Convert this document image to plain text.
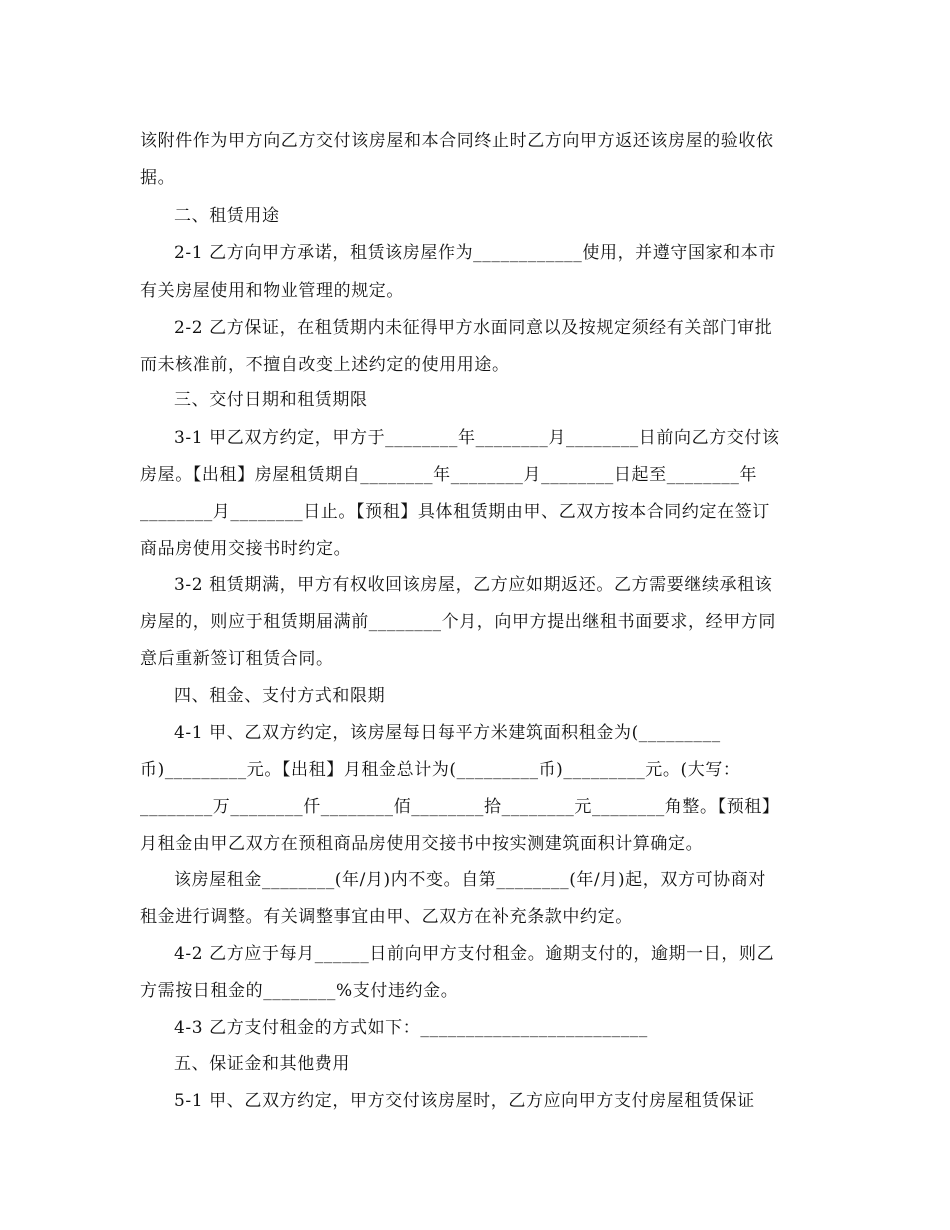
该附件作为甲方向乙方交付该房屋和本合同终止时乙方向甲方返还该房屋的验收依
据。
二、租赁用途
2-1 乙方向甲方承诺，租赁该房屋作为____________使用，并遵守国家和本市
有关房屋使用和物业管理的规定。
2-2 乙方保证，在租赁期内未征得甲方水面同意以及按规定须经有关部门审批
而未核准前，不擅自改变上述约定的使用用途。
三、交付日期和租赁期限
3-1 甲乙双方约定，甲方于________年________月________日前向乙方交付该
房屋。【出租】房屋租赁期自________年________月________日起至________年
________月________日止。【预租】具体租赁期由甲、乙双方按本合同约定在签订
商品房使用交接书时约定。
3-2 租赁期满，甲方有权收回该房屋，乙方应如期返还。乙方需要继续承租该
房屋的，则应于租赁期届满前________个月，向甲方提出继租书面要求，经甲方同
意后重新签订租赁合同。
四、租金、支付方式和限期
4-1 甲、乙双方约定，该房屋每日每平方米建筑面积租金为(_________
币)_________元。【出租】月租金总计为(_________币)_________元。(大写：
________万________仟________佰________拾________元________角整。【预租】
月租金由甲乙双方在预租商品房使用交接书中按实测建筑面积计算确定。
该房屋租金________(年/月)内不变。自第________(年/月)起，双方可协商对
租金进行调整。有关调整事宜由甲、乙双方在补充条款中约定。
4-2 乙方应于每月______日前向甲方支付租金。逾期支付的，逾期一日，则乙
方需按日租金的________%支付违约金。
4-3 乙方支付租金的方式如下：_________________________
五、保证金和其他费用
5-1 甲、乙双方约定，甲方交付该房屋时，乙方应向甲方支付房屋租赁保证
